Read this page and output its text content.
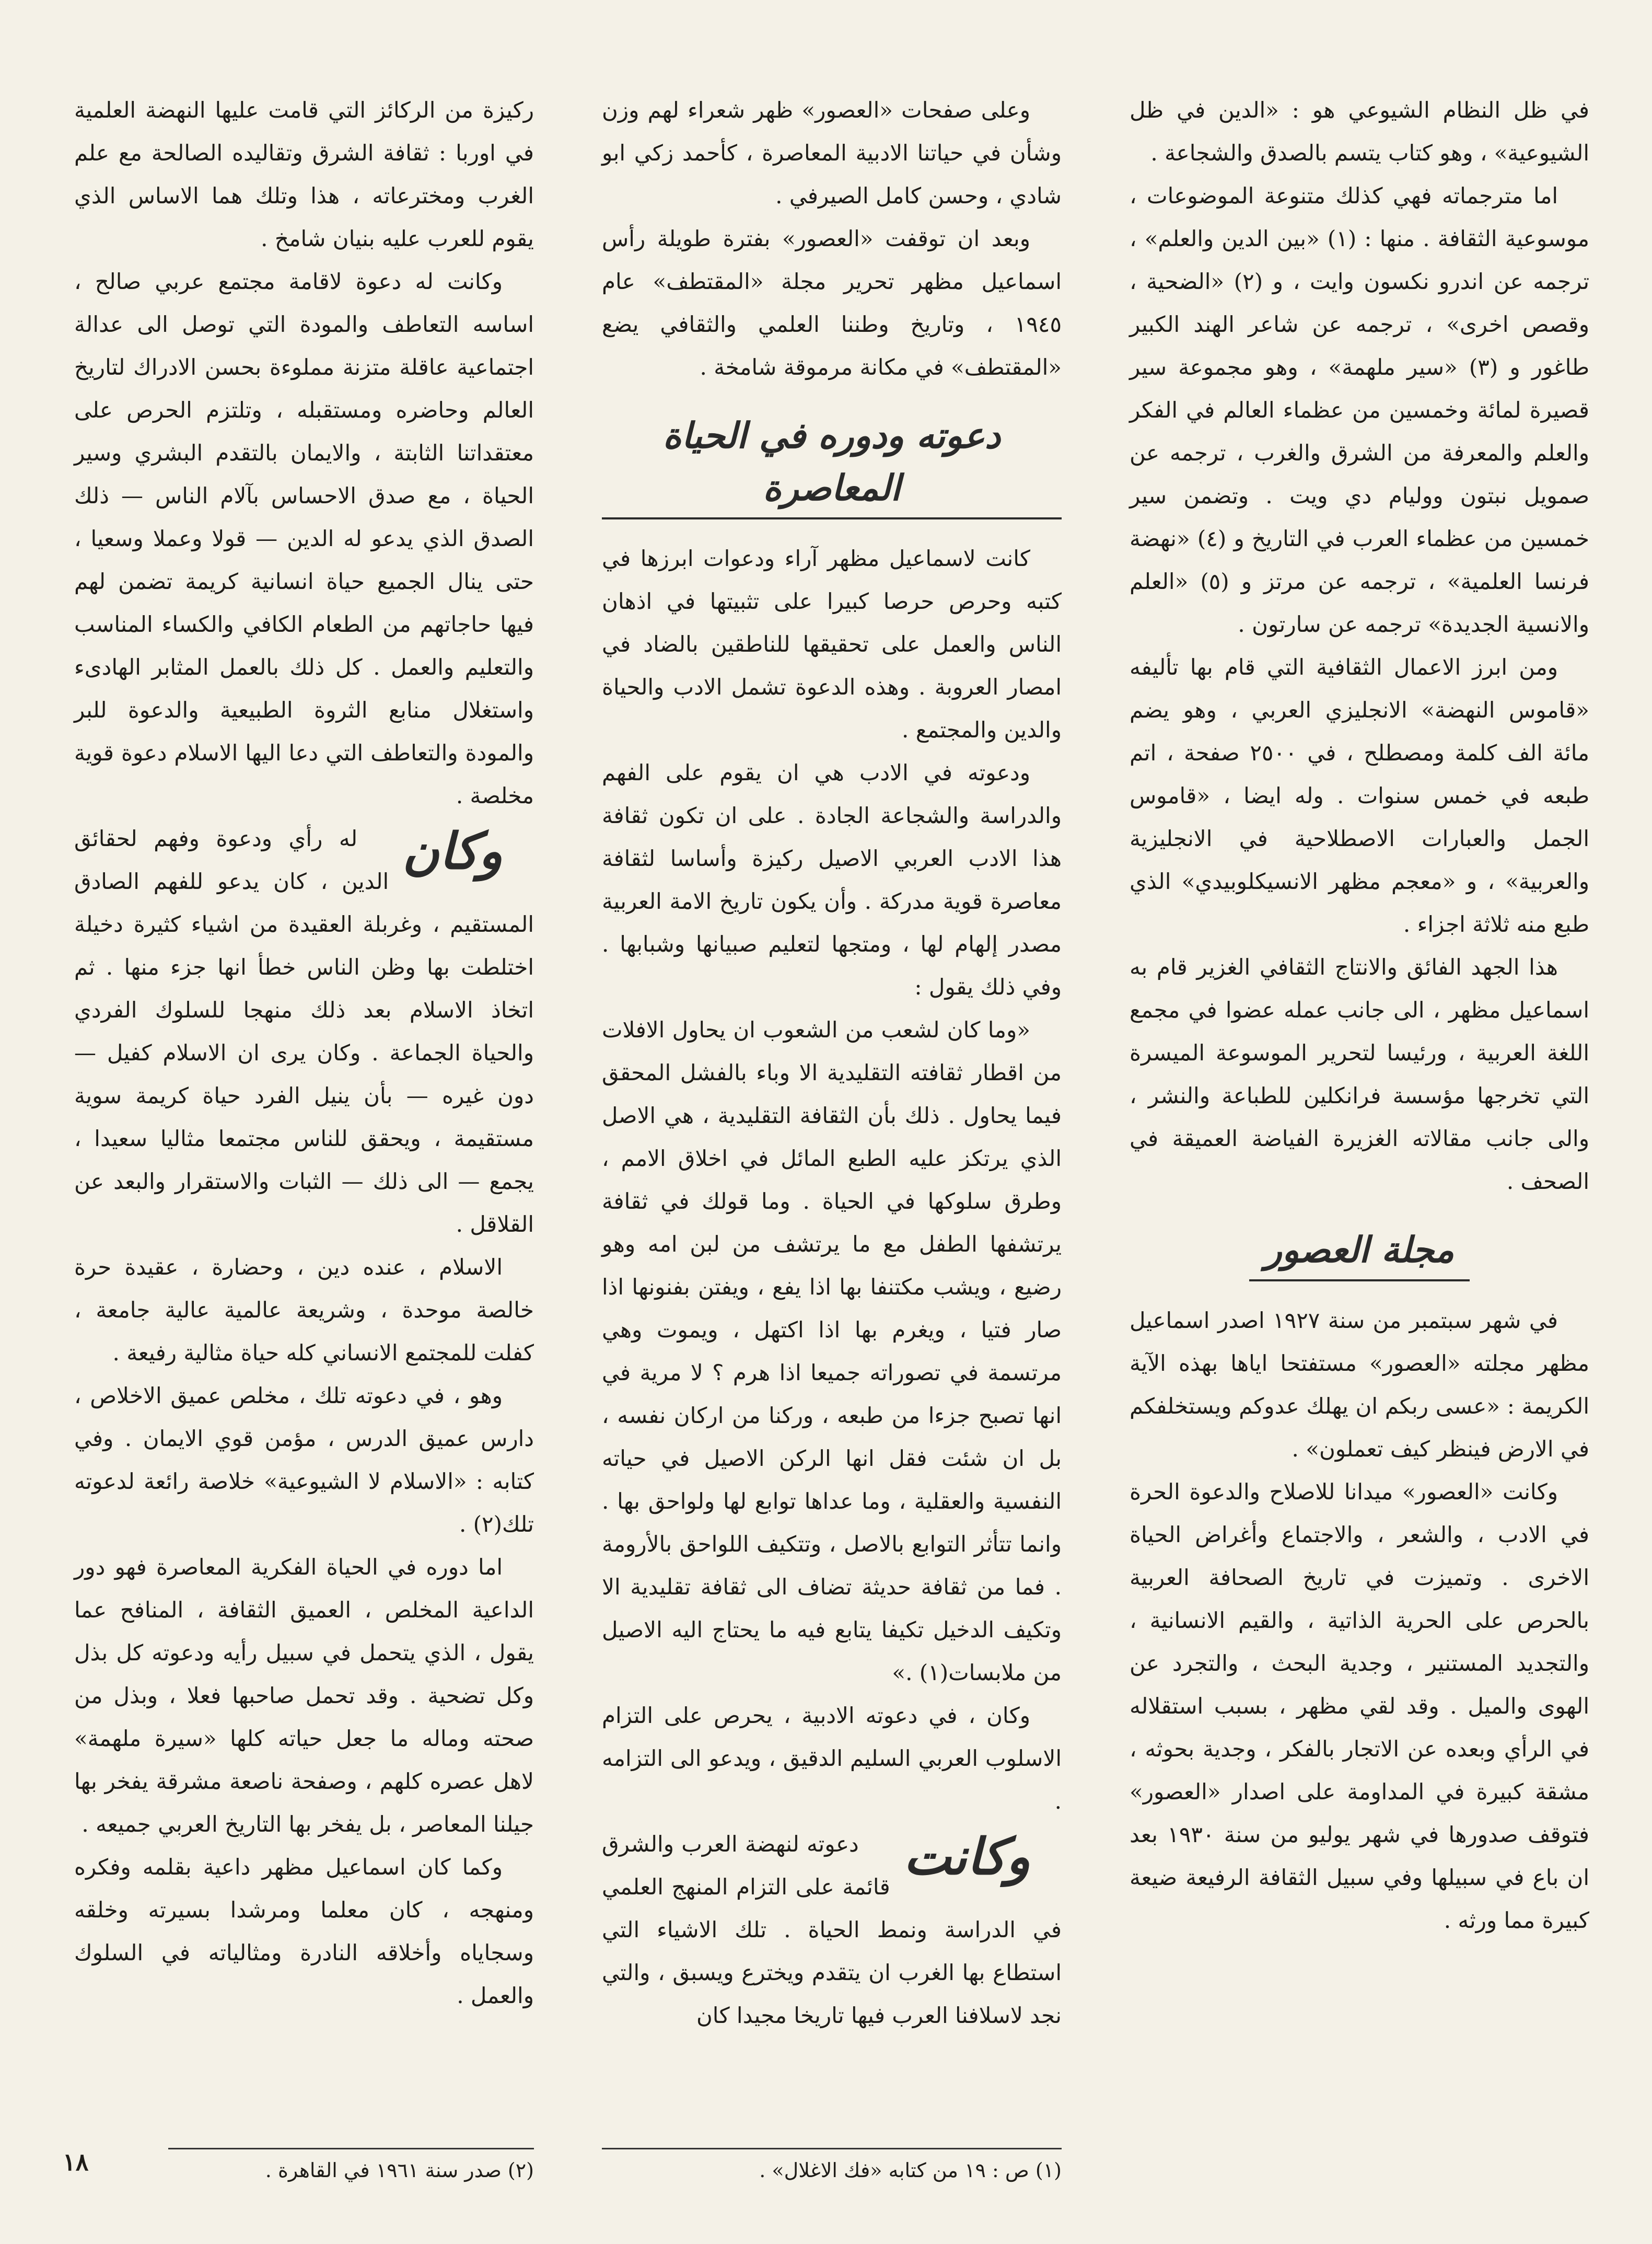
في ظل النظام الشيوعي هو : «الدين في ظل الشيوعية» ، وهو كتاب يتسم بالصدق والشجاعة .

اما مترجماته فهي كذلك متنوعة الموضوعات ، موسوعية الثقافة . منها : (١) «بين الدين والعلم» ، ترجمه عن اندرو نكسون وايت ، و (٢) «الضحية ، وقصص اخرى» ، ترجمه عن شاعر الهند الكبير طاغور و (٣) «سير ملهمة» ، وهو مجموعة سير قصيرة لمائة وخمسين من عظماء العالم في الفكر والعلم والمعرفة من الشرق والغرب ، ترجمه عن صمويل نبتون ووليام دي ويت . وتضمن سير خمسين من عظماء العرب في التاريخ و (٤) «نهضة فرنسا العلمية» ، ترجمه عن مرتز و (٥) «العلم والانسية الجديدة» ترجمه عن سارتون .

ومن ابرز الاعمال الثقافية التي قام بها تأليفه «قاموس النهضة» الانجليزي العربي ، وهو يضم مائة الف كلمة ومصطلح ، في ٢٥٠٠ صفحة ، اتم طبعه في خمس سنوات . وله ايضا ، «قاموس الجمل والعبارات الاصطلاحية في الانجليزية والعربية» ، و «معجم مظهر الانسيكلوبيدي» الذي طبع منه ثلاثة اجزاء .

هذا الجهد الفائق والانتاج الثقافي الغزير قام به اسماعيل مظهر ، الى جانب عمله عضوا في مجمع اللغة العربية ، ورئيسا لتحرير الموسوعة الميسرة التي تخرجها مؤسسة فرانكلين للطباعة والنشر ، والى جانب مقالاته الغزيرة الفياضة العميقة في الصحف .

مجلة العصور

في شهر سبتمبر من سنة ١٩٢٧ اصدر اسماعيل مظهر مجلته «العصور» مستفتحا اياها بهذه الآية الكريمة : «عسى ربكم ان يهلك عدوكم ويستخلفكم في الارض فينظر كيف تعملون» .

وكانت «العصور» ميدانا للاصلاح والدعوة الحرة في الادب ، والشعر ، والاجتماع وأغراض الحياة الاخرى . وتميزت في تاريخ الصحافة العربية بالحرص على الحرية الذاتية ، والقيم الانسانية ، والتجديد المستنير ، وجدية البحث ، والتجرد عن الهوى والميل . وقد لقي مظهر ، بسبب استقلاله في الرأي وبعده عن الاتجار بالفكر ، وجدية بحوثه ، مشقة كبيرة في المداومة على اصدار «العصور» فتوقف صدورها في شهر يوليو من سنة ١٩٣٠ بعد ان باع في سبيلها وفي سبيل الثقافة الرفيعة ضيعة كبيرة مما ورثه .

وعلى صفحات «العصور» ظهر شعراء لهم وزن وشأن في حياتنا الادبية المعاصرة ، كأحمد زكي ابو شادي ، وحسن كامل الصيرفي .

وبعد ان توقفت «العصور» بفترة طويلة رأس اسماعيل مظهر تحرير مجلة «المقتطف» عام ١٩٤٥ ، وتاريخ وطننا العلمي والثقافي يضع «المقتطف» في مكانة مرموقة شامخة .

دعوته ودوره في الحياة المعاصرة

كانت لاسماعيل مظهر آراء ودعوات ابرزها في كتبه وحرص حرصا كبيرا على تثبيتها في اذهان الناس والعمل على تحقيقها للناطقين بالضاد في امصار العروبة . وهذه الدعوة تشمل الادب والحياة والدين والمجتمع .

ودعوته في الادب هي ان يقوم على الفهم والدراسة والشجاعة الجادة . على ان تكون ثقافة هذا الادب العربي الاصيل ركيزة وأساسا لثقافة معاصرة قوية مدركة . وأن يكون تاريخ الامة العربية مصدر إلهام لها ، ومتجها لتعليم صبيانها وشبابها . وفي ذلك يقول :

«وما كان لشعب من الشعوب ان يحاول الافلات من اقطار ثقافته التقليدية الا وباء بالفشل المحقق فيما يحاول . ذلك بأن الثقافة التقليدية ، هي الاصل الذي يرتكز عليه الطبع المائل في اخلاق الامم ، وطرق سلوكها في الحياة . وما قولك في ثقافة يرتشفها الطفل مع ما يرتشف من لبن امه وهو رضيع ، ويشب مكتنفا بها اذا يفع ، ويفتن بفنونها اذا صار فتيا ، ويغرم بها اذا اكتهل ، ويموت وهي مرتسمة في تصوراته جميعا اذا هرم ؟ لا مرية في انها تصبح جزءا من طبعه ، وركنا من اركان نفسه ، بل ان شئت فقل انها الركن الاصيل في حياته النفسية والعقلية ، وما عداها توابع لها ولواحق بها . وانما تتأثر التوابع بالاصل ، وتتكيف اللواحق بالأرومة . فما من ثقافة حديثة تضاف الى ثقافة تقليدية الا وتكيف الدخيل تكيفا يتابع فيه ما يحتاج اليه الاصيل من ملابسات(١) .»

وكان ، في دعوته الادبية ، يحرص على التزام الاسلوب العربي السليم الدقيق ، ويدعو الى التزامه .

وكانت
دعوته لنهضة العرب والشرق قائمة على التزام المنهج العلمي في الدراسة ونمط الحياة . تلك الاشياء التي استطاع بها الغرب ان يتقدم ويخترع ويسبق ، والتي نجد لاسلافنا العرب فيها تاريخا مجيدا كان

ركيزة من الركائز التي قامت عليها النهضة العلمية في اوربا : ثقافة الشرق وتقاليده الصالحة مع علم الغرب ومخترعاته ، هذا وتلك هما الاساس الذي يقوم للعرب عليه بنيان شامخ .

وكانت له دعوة لاقامة مجتمع عربي صالح ، اساسه التعاطف والمودة التي توصل الى عدالة اجتماعية عاقلة متزنة مملوءة بحسن الادراك لتاريخ العالم وحاضره ومستقبله ، وتلتزم الحرص على معتقداتنا الثابتة ، والايمان بالتقدم البشري وسير الحياة ، مع صدق الاحساس بآلام الناس — ذلك الصدق الذي يدعو له الدين — قولا وعملا وسعيا ، حتى ينال الجميع حياة انسانية كريمة تضمن لهم فيها حاجاتهم من الطعام الكافي والكساء المناسب والتعليم والعمل . كل ذلك بالعمل المثابر الهادىء واستغلال منابع الثروة الطبيعية والدعوة للبر والمودة والتعاطف التي دعا اليها الاسلام دعوة قوية مخلصة .

وكان
له رأي ودعوة وفهم لحقائق الدين ، كان يدعو للفهم الصادق المستقيم ، وغربلة العقيدة من اشياء كثيرة دخيلة اختلطت بها وظن الناس خطأ انها جزء منها . ثم اتخاذ الاسلام بعد ذلك منهجا للسلوك الفردي والحياة الجماعة . وكان يرى ان الاسلام كفيل — دون غيره — بأن ينيل الفرد حياة كريمة سوية مستقيمة ، ويحقق للناس مجتمعا مثاليا سعيدا ، يجمع — الى ذلك — الثبات والاستقرار والبعد عن القلاقل .

الاسلام ، عنده دين ، وحضارة ، عقيدة حرة خالصة موحدة ، وشريعة عالمية عالية جامعة ، كفلت للمجتمع الانساني كله حياة مثالية رفيعة .

وهو ، في دعوته تلك ، مخلص عميق الاخلاص ، دارس عميق الدرس ، مؤمن قوي الايمان . وفي كتابه : «الاسلام لا الشيوعية» خلاصة رائعة لدعوته تلك(٢) .

اما دوره في الحياة الفكرية المعاصرة فهو دور الداعية المخلص ، العميق الثقافة ، المنافح عما يقول ، الذي يتحمل في سبيل رأيه ودعوته كل بذل وكل تضحية . وقد تحمل صاحبها فعلا ، وبذل من صحته وماله ما جعل حياته كلها «سيرة ملهمة» لاهل عصره كلهم ، وصفحة ناصعة مشرقة يفخر بها جيلنا المعاصر ، بل يفخر بها التاريخ العربي جميعه .

وكما كان اسماعيل مظهر داعية بقلمه وفكره ومنهجه ، كان معلما ومرشدا بسيرته وخلقه وسجاياه وأخلاقه النادرة ومثالياته في السلوك والعمل .

(١) ص : ١٩ من كتابه «فك الاغلال» .
(٢) صدر سنة ١٩٦١ في القاهرة .
١٨
